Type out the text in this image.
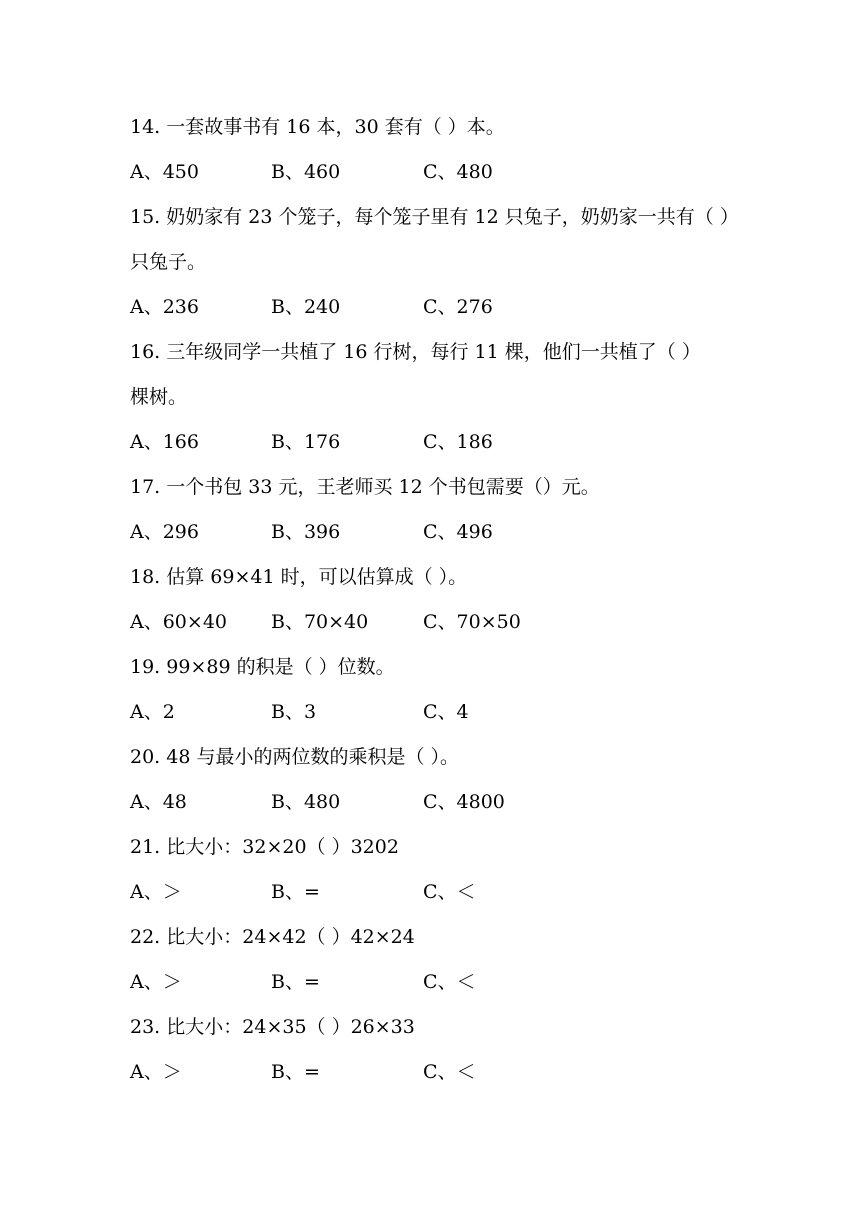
14. 一套故事书有 16 本，30 套有（ ）本。
A、450	B、460	C、480
15. 奶奶家有 23 个笼子，每个笼子里有 12 只兔子，奶奶家一共有（ ）
只兔子。
A、236	B、240	C、276
16. 三年级同学一共植了 16 行树，每行 11 棵，他们一共植了（ ）
棵树。
A、166	B、176	C、186
17. 一个书包 33 元，王老师买 12 个书包需要（）元。
A、296	B、396	C、496
18. 估算 69×41 时，可以估算成（ ）。
A、60×40 B、70×40	C、70×50
19. 99×89 的积是（ ）位数。
A、2	B、3	C、4
20. 48 与最小的两位数的乘积是（ ）。
A、48	B、480	C、4800
21. 比大小：32×20（ ）3202
A、＞	B、=	C、＜
22. 比大小：24×42（ ）42×24
A、＞	B、=	C、＜
23. 比大小：24×35（ ）26×33
A、＞	B、=	C、＜
